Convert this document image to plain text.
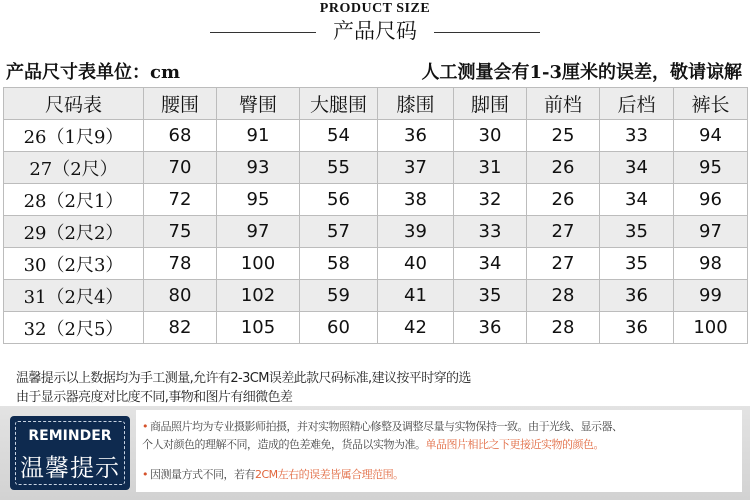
PRODUCT SIZE
产品尺码
产品尺寸表单位：cm	人工测量会有1-3厘米的误差，敬请谅解
尺码表	腰围	臀围	大腿围	膝围	脚围	前档	后档	裤长
26（1尺9）	68	91	54	36	30	25	33	94
27（2尺）	70	93	55	37	31	26	34	95
28（2尺1）	72	95	56	38	32	26	34	96
29（2尺2）	75	97	57	39	33	27	35	97
30（2尺3）	78	100	58	40	34	27	35	98
31（2尺4）	80	102	59	41	35	28	36	99
32（2尺5）	82	105	60	42	36	28	36	100
温馨提示以上数据均为手工测量,允许有2-3CM误差此款尺码标准,建议按平时穿的选
由于显示器亮度对比度不同,事物和图片有细微色差
REMINDER
温馨提示
• 商品照片均为专业摄影师拍摄，并对实物照精心修整及调整尽量与实物保持一致。由于光线、显示器、
个人对颜色的理解不同，造成的色差难免，货品以实物为准。单品图片相比之下更接近实物的颜色。
• 因测量方式不同，若有2CM左右的误差皆属合理范围。
